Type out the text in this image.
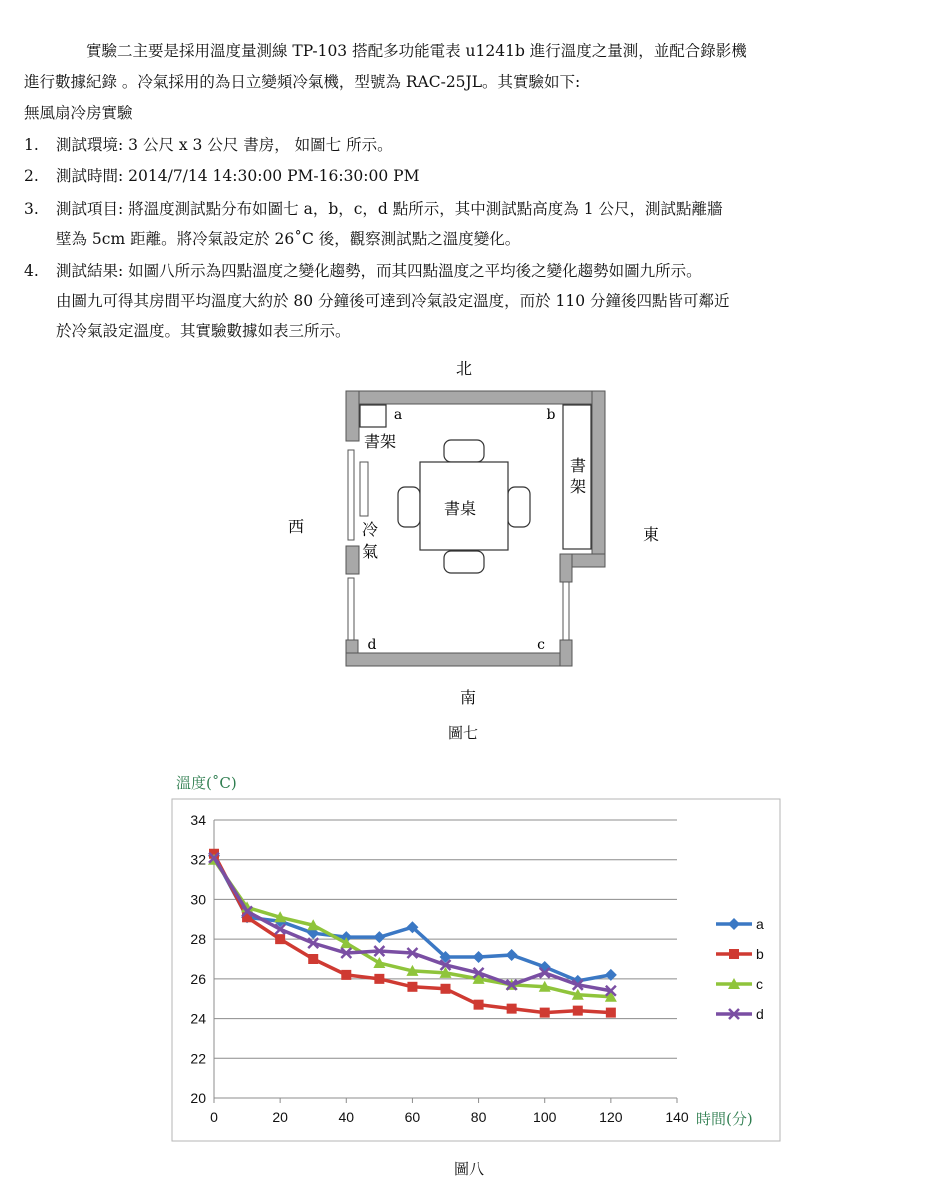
實驗二主要是採用溫度量測線 TP-103 搭配多功能電表 u1241b 進行溫度之量測，並配合錄影機
進行數據紀錄 。冷氣採用的為日立變頻冷氣機，型號為 RAC-25JL。其實驗如下:
無風扇冷房實驗
1.	測試環境: 3 公尺 x 3 公尺 書房， 如圖七 所示。
2.	測試時間: 2014/7/14 14:30:00 PM-16:30:00 PM
3.	測試項目: 將溫度測試點分布如圖七 a，b，c，d 點所示，其中測試點高度為 1 公尺，測試點離牆
壁為 5cm 距離。將冷氣設定於 26˚C 後，觀察測試點之溫度變化。
4.	測試結果: 如圖八所示為四點溫度之變化趨勢，而其四點溫度之平均後之變化趨勢如圖九所示。
由圖九可得其房間平均溫度大約於 80 分鐘後可達到冷氣設定溫度，而於 110 分鐘後四點皆可鄰近
於冷氣設定溫度。其實驗數據如表三所示。
北
西	東
南
書桌
書架
書
架
冷
氣
a	b
c
d
圖七
溫度(˚C)
20
22
24
26
28
30
32
34
0	20	40	60	80	100	120	140
a
b
c
d
時間(分)
圖八
